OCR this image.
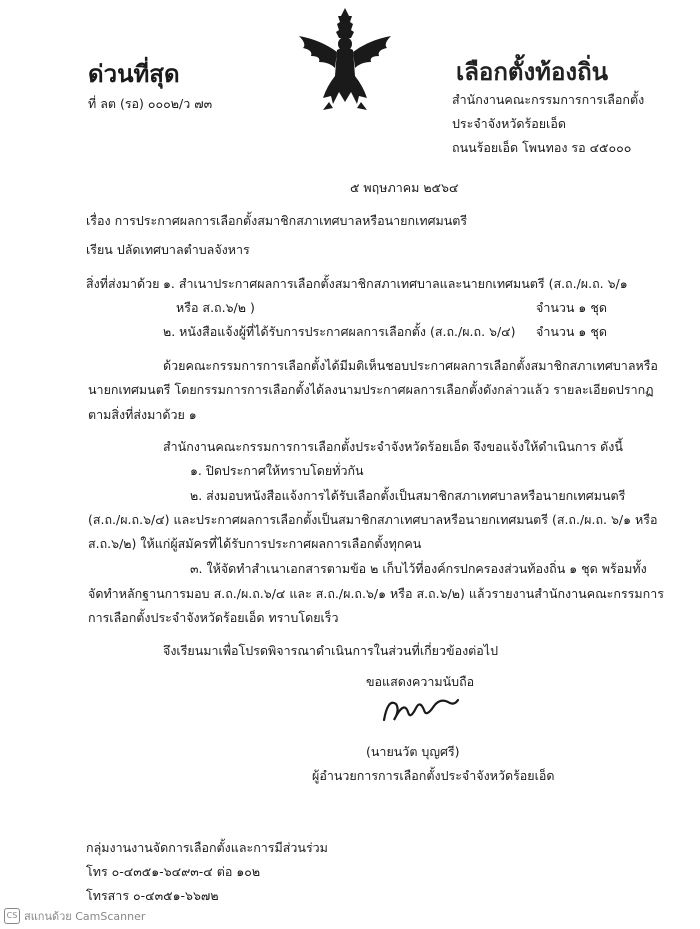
ด่วนที่สุด
ที่ ลต (รอ) ๐๐๐๒/ว ๗๓
เลือกตั้งท้องถิ่น
สำนักงานคณะกรรมการการเลือกตั้ง
ประจำจังหวัดร้อยเอ็ด
ถนนร้อยเอ็ด โพนทอง รอ ๔๕๐๐๐
๕ พฤษภาคม ๒๕๖๔
เรื่อง การประกาศผลการเลือกตั้งสมาชิกสภาเทศบาลหรือนายกเทศมนตรี
เรียน ปลัดเทศบาลตำบลจังหาร
สิ่งที่ส่งมาด้วย ๑. สำเนาประกาศผลการเลือกตั้งสมาชิกสภาเทศบาลและนายกเทศมนตรี (ส.ถ./ผ.ถ. ๖/๑
หรือ ส.ถ.๖/๒ )	จำนวน ๑ ชุด
๒. หนังสือแจ้งผู้ที่ได้รับการประกาศผลการเลือกตั้ง (ส.ถ./ผ.ถ. ๖/๔) จำนวน ๑ ชุด
ด้วยคณะกรรมการการเลือกตั้งได้มีมติเห็นชอบประกาศผลการเลือกตั้งสมาชิกสภาเทศบาลหรือ
นายกเทศมนตรี โดยกรรมการการเลือกตั้งได้ลงนามประกาศผลการเลือกตั้งดังกล่าวแล้ว รายละเอียดปรากฏ
ตามสิ่งที่ส่งมาด้วย ๑
สำนักงานคณะกรรมการการเลือกตั้งประจำจังหวัดร้อยเอ็ด จึงขอแจ้งให้ดำเนินการ ดังนี้
๑. ปิดประกาศให้ทราบโดยทั่วกัน
๒. ส่งมอบหนังสือแจ้งการได้รับเลือกตั้งเป็นสมาชิกสภาเทศบาลหรือนายกเทศมนตรี
(ส.ถ./ผ.ถ.๖/๔) และประกาศผลการเลือกตั้งเป็นสมาชิกสภาเทศบาลหรือนายกเทศมนตรี (ส.ถ./ผ.ถ. ๖/๑ หรือ
ส.ถ.๖/๒) ให้แก่ผู้สมัครที่ได้รับการประกาศผลการเลือกตั้งทุกคน
๓. ให้จัดทำสำเนาเอกสารตามข้อ ๒ เก็บไว้ที่องค์กรปกครองส่วนท้องถิ่น ๑ ชุด พร้อมทั้ง
จัดทำหลักฐานการมอบ ส.ถ./ผ.ถ.๖/๔ และ ส.ถ./ผ.ถ.๖/๑ หรือ ส.ถ.๖/๒) แล้วรายงานสำนักงานคณะกรรมการ
การเลือกตั้งประจำจังหวัดร้อยเอ็ด ทราบโดยเร็ว
จึงเรียนมาเพื่อโปรดพิจารณาดำเนินการในส่วนที่เกี่ยวข้องต่อไป
ขอแสดงความนับถือ
(นายนวัต บุญศรี)
ผู้อำนวยการการเลือกตั้งประจำจังหวัดร้อยเอ็ด
กลุ่มงานงานจัดการเลือกตั้งและการมีส่วนร่วม
โทร ๐-๔๓๕๑-๖๔๙๓-๔ ต่อ ๑๐๒
โทรสาร ๐-๔๓๕๑-๖๖๗๒
CS สแกนด้วย CamScanner
